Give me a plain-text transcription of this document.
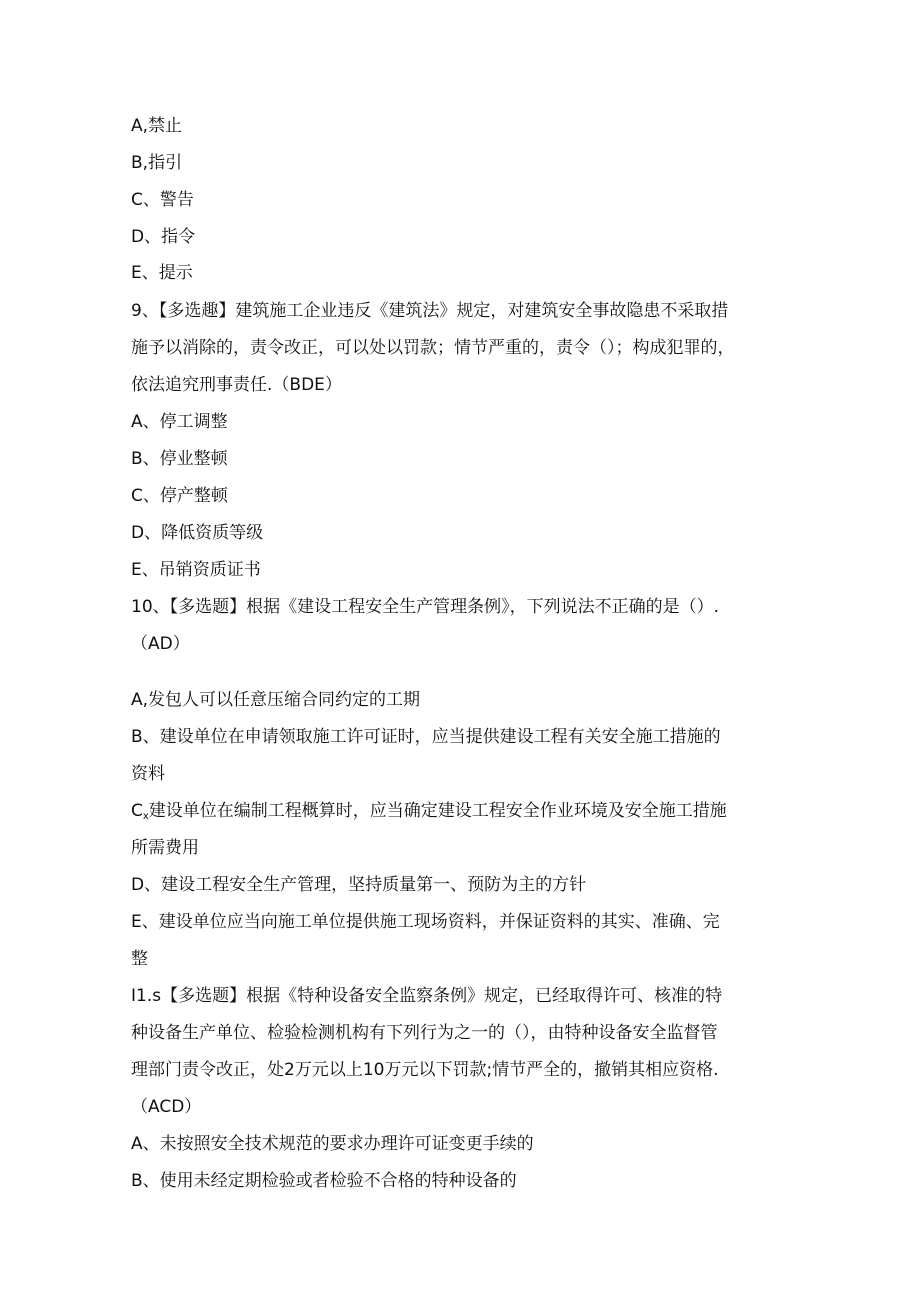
A,禁止
B,指引
C、警告
D、指令
E、提示
9、【多选趣】建筑施工企业违反《建筑法》规定，对建筑安全事故隐患不采取措
施予以消除的，责令改正，可以处以罚款；情节严重的，责令（）；构成犯罪的，
依法追究刑事责任.（BDE）
A、停工调整
B、停业整顿
C、停产整顿
D、降低资质等级
E、吊销资质证书
10、【多选题】根据《建设工程安全生产管理条例》，下列说法不正确的是（）.
（AD）
A,发包人可以任意压缩合同约定的工期
B、建设单位在申请领取施工许可证时，应当提供建设工程有关安全施工措施的
资料
$C_x$建设单位在编制工程概算时，应当确定建设工程安全作业环境及安全施工措施
所需费用
D、建设工程安全生产管理，坚持质量第一、预防为主的方针
E、建设单位应当向施工单位提供施工现场资料，并保证资料的其实、准确、完
整
I1.s【多选题】根据《特种设备安全监察条例》规定，已经取得许可、核准的特
种设备生产单位、检验检测机构有下列行为之一的（），由特种设备安全监督管
理部门责令改正，处2万元以上10万元以下罚款;情节严全的，撤销其相应资格.
（ACD）
A、未按照安全技术规范的要求办理许可证变更手续的
B、使用未经定期检验或者检验不合格的特种设备的
